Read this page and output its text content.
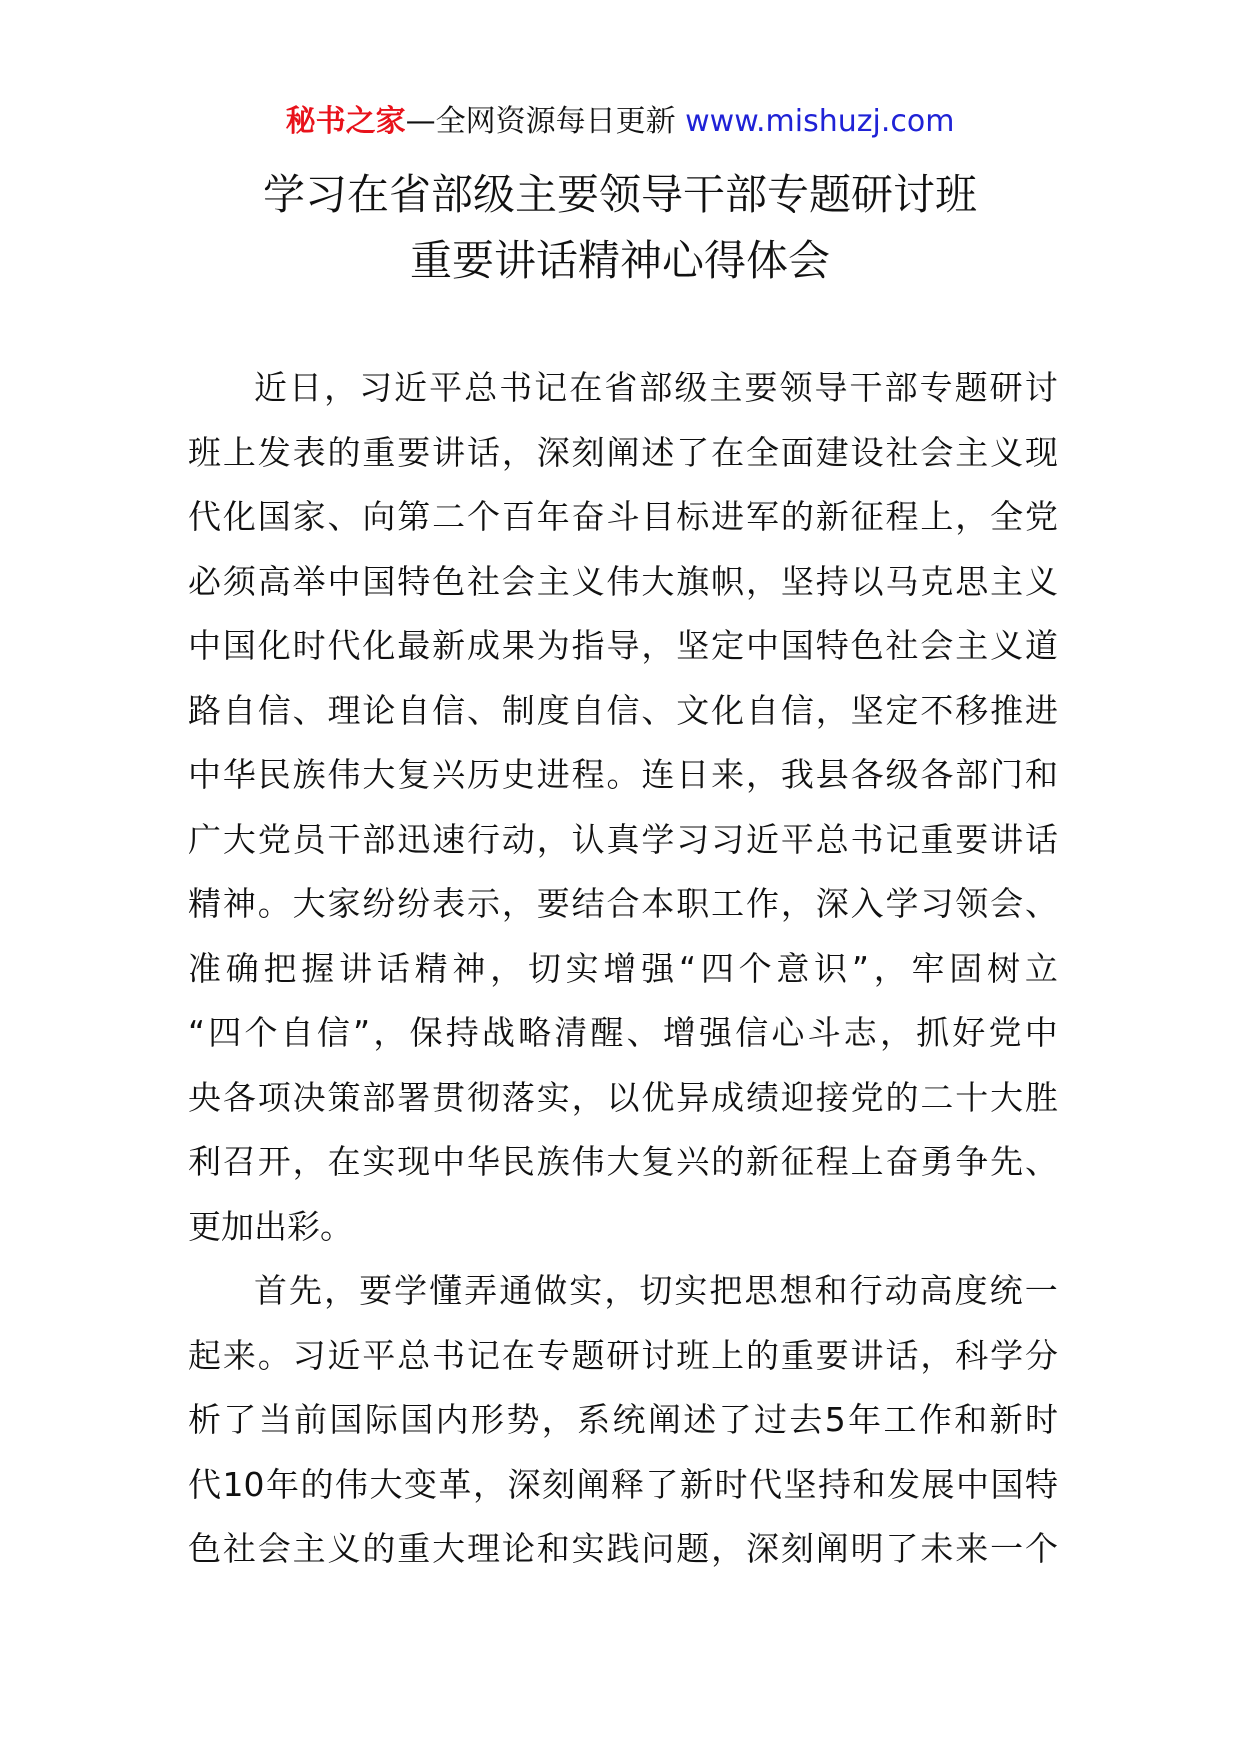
秘书之家—全网资源每日更新 www.mishuzj.com
学习在省部级主要领导干部专题研讨班
重要讲话精神心得体会
近 日 ， 习 近 平 总 书 记 在 省 部 级 主 要 领 导 干 部 专 题 研 讨
班 上 发 表 的 重 要 讲 话 ， 深 刻 阐 述 了 在 全 面 建 设 社 会 主 义 现
代 化 国 家 、 向 第 二 个 百 年 奋 斗 目 标 进 军 的 新 征 程 上 ， 全 党
必 须 高 举 中 国 特 色 社 会 主 义 伟 大 旗 帜 ， 坚 持 以 马 克 思 主 义
中 国 化 时 代 化 最 新 成 果 为 指 导 ， 坚 定 中 国 特 色 社 会 主 义 道
路 自 信 、 理 论 自 信 、 制 度 自 信 、 文 化 自 信 ， 坚 定 不 移 推 进
中 华 民 族 伟 大 复 兴 历 史 进 程 。 连 日 来 ， 我 县 各 级 各 部 门 和
广 大 党 员 干 部 迅 速 行 动 ， 认 真 学 习 习 近 平 总 书 记 重 要 讲 话
精 神 。 大 家 纷 纷 表 示 ， 要 结 合 本 职 工 作 ， 深 入 学 习 领 会 、
准 确 把 握 讲 话 精 神 ， 切 实 增 强 “ 四 个 意 识 ” ， 牢 固 树 立
“ 四 个 自 信 ” ， 保 持 战 略 清 醒 、 增 强 信 心 斗 志 ， 抓 好 党 中
央 各 项 决 策 部 署 贯 彻 落 实 ， 以 优 异 成 绩 迎 接 党 的 二 十 大 胜
利 召 开 ， 在 实 现 中 华 民 族 伟 大 复 兴 的 新 征 程 上 奋 勇 争 先 、
更加出彩。
首 先 ， 要 学 懂 弄 通 做 实 ， 切 实 把 思 想 和 行 动 高 度 统 一
起 来 。 习 近 平 总 书 记 在 专 题 研 讨 班 上 的 重 要 讲 话 ， 科 学 分
析 了 当 前 国 际 国 内 形 势 ， 系 统 阐 述 了 过 去 5 年 工 作 和 新 时
代 10 年 的 伟 大 变 革 ， 深 刻 阐 释 了 新 时 代 坚 持 和 发 展 中 国 特
色 社 会 主 义 的 重 大 理 论 和 实 践 问 题 ， 深 刻 阐 明 了 未 来 一 个
